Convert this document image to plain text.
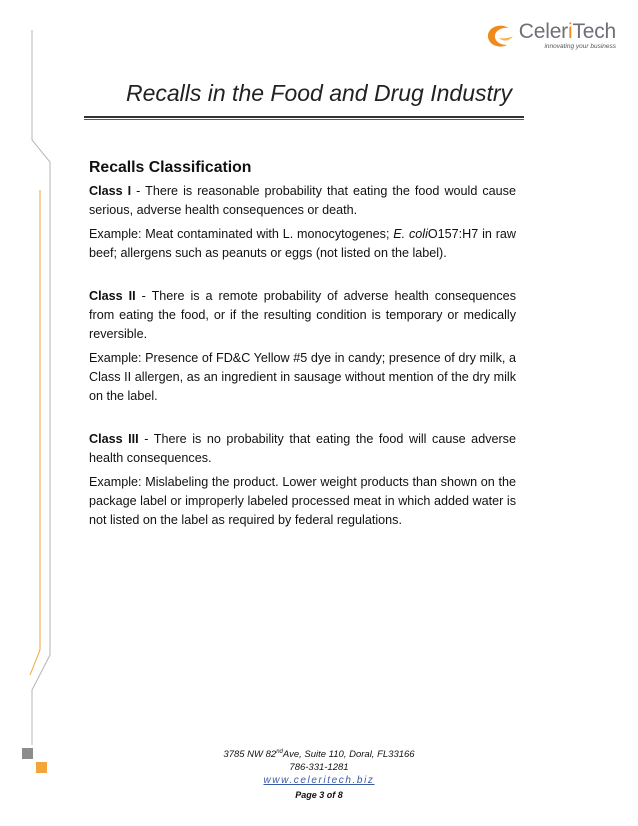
CeleriTech
innovating your business
Recalls in the Food and Drug Industry
Recalls Classification

Class I - There is reasonable probability that eating the food would cause serious, adverse health consequences or death.

Example: Meat contaminated with L. monocytogenes; E. coliO157:H7 in raw beef; allergens such as peanuts or eggs (not listed on the label).

Class II - There is a remote probability of adverse health consequences from eating the food, or if the resulting condition is temporary or medically reversible.

Example: Presence of FD&C Yellow #5 dye in candy; presence of dry milk, a Class II allergen, as an ingredient in sausage without mention of the dry milk on the label.

Class III - There is no probability that eating the food will cause adverse health consequences.

Example: Mislabeling the product. Lower weight products than shown on the package label or improperly labeled processed meat in which added water is not listed on the label as required by federal regulations.

3785 NW 82ndAve, Suite 110, Doral, FL33166
786-331-1281
www.celeritech.biz
Page 3 of 8
